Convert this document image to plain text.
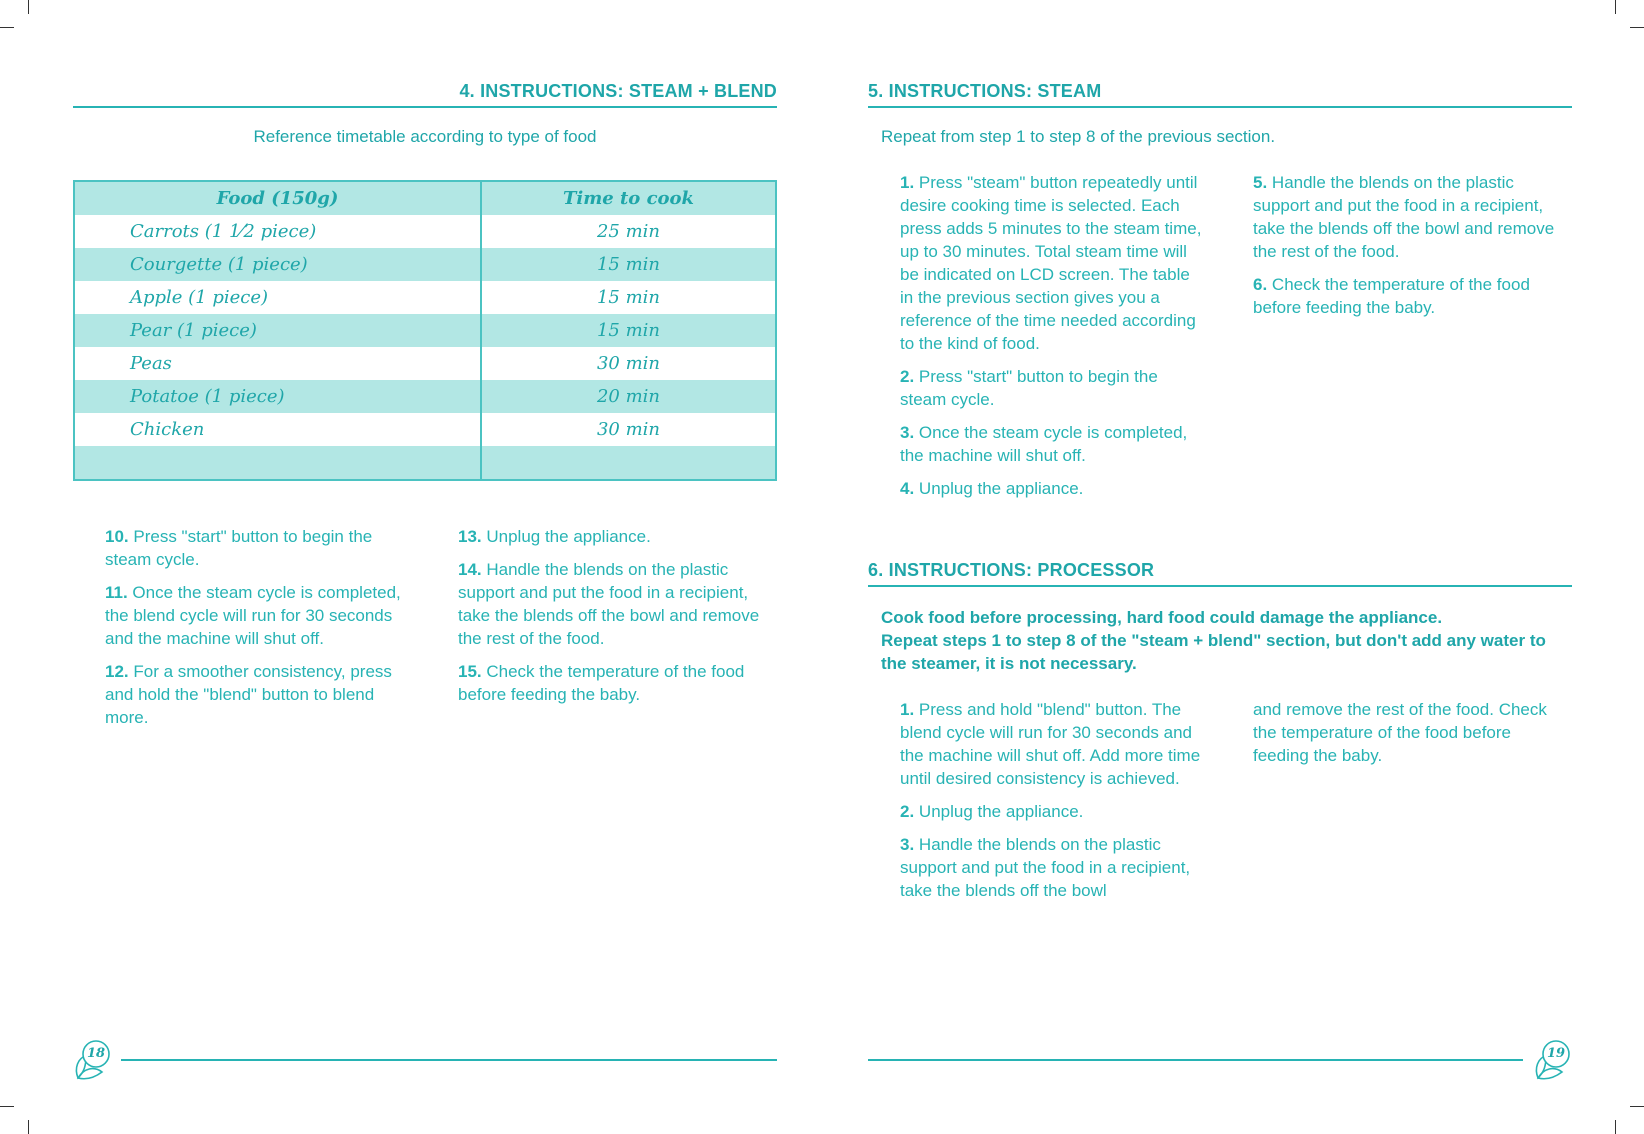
4. INSTRUCTIONS: STEAM + BLEND
Reference timetable according to type of food
Food (150g)	Time to cook
Carrots (1 1⁄2 piece)	25 min
Courgette (1 piece)	15 min
Apple (1 piece)	15 min
Pear (1 piece)	15 min
Peas	30 min
Potatoe (1 piece)	20 min
Chicken	30 min

10. Press "start" button to begin the steam cycle.

11. Once the steam cycle is completed, the blend cycle will run for 30 seconds and the machine will shut off.

12. For a smoother consistency, press and hold the "blend" button to blend more.

13. Unplug the appliance.

14. Handle the blends on the plastic support and put the food in a recipient, take the blends off the bowl and remove the rest of the food.

15. Check the temperature of the food before feeding the baby.

18
5. INSTRUCTIONS: STEAM
Repeat from step 1 to step 8 of the previous section.

1. Press "steam" button repeatedly until desire cooking time is selected. Each press adds 5 minutes to the steam time, up to 30 minutes. Total steam time will be indicated on LCD screen. The table in the previous section gives you a reference of the time needed according to the kind of food.

2. Press "start" button to begin the steam cycle.

3. Once the steam cycle is completed, the machine will shut off.

4. Unplug the appliance.

5. Handle the blends on the plastic support and put the food in a recipient, take the blends off the bowl and remove the rest of the food.

6. Check the temperature of the food before feeding the baby.

6. INSTRUCTIONS: PROCESSOR
Cook food before processing, hard food could damage the appliance.
Repeat steps 1 to step 8 of the "steam + blend" section, but don't add any water to the steamer, it is not necessary.

1. Press and hold "blend" button. The blend cycle will run for 30 seconds and the machine will shut off. Add more time until desired consistency is achieved.

2. Unplug the appliance.

3. Handle the blends on the plastic support and put the food in a recipient, take the blends off the bowl

and remove the rest of the food. Check the temperature of the food before feeding the baby.

19
